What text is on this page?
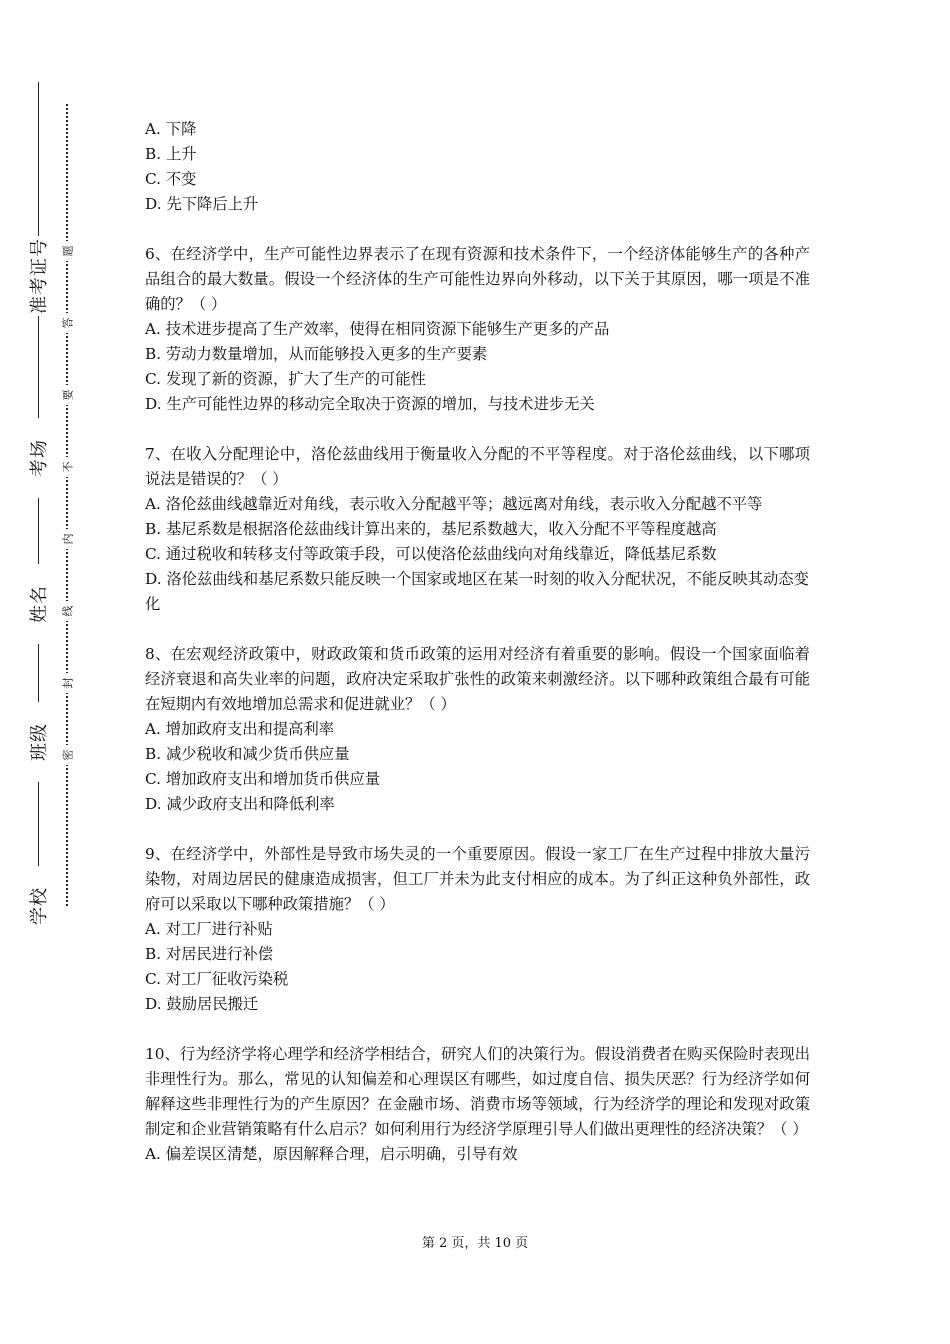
准考证号
考场
姓名
班级
学校
题
答
要
不
内
线
封
密

A. 下降

B. 上升

C. 不变

D. 先下降后上升

6、在经济学中，生产可能性边界表示了在现有资源和技术条件下，一个经济体能够生产的各种产品组合的最大数量。假设一个经济体的生产可能性边界向外移动，以下关于其原因，哪一项是不准确的？（ ）

A. 技术进步提高了生产效率，使得在相同资源下能够生产更多的产品

B. 劳动力数量增加，从而能够投入更多的生产要素

C. 发现了新的资源，扩大了生产的可能性

D. 生产可能性边界的移动完全取决于资源的增加，与技术进步无关

7、在收入分配理论中，洛伦兹曲线用于衡量收入分配的不平等程度。对于洛伦兹曲线，以下哪项说法是错误的？（ ）

A. 洛伦兹曲线越靠近对角线，表示收入分配越平等；越远离对角线，表示收入分配越不平等

B. 基尼系数是根据洛伦兹曲线计算出来的，基尼系数越大，收入分配不平等程度越高

C. 通过税收和转移支付等政策手段，可以使洛伦兹曲线向对角线靠近，降低基尼系数

D. 洛伦兹曲线和基尼系数只能反映一个国家或地区在某一时刻的收入分配状况，不能反映其动态变化

8、在宏观经济政策中，财政政策和货币政策的运用对经济有着重要的影响。假设一个国家面临着经济衰退和高失业率的问题，政府决定采取扩张性的政策来刺激经济。以下哪种政策组合最有可能在短期内有效地增加总需求和促进就业？（ ）

A. 增加政府支出和提高利率

B. 减少税收和减少货币供应量

C. 增加政府支出和增加货币供应量

D. 减少政府支出和降低利率

9、在经济学中，外部性是导致市场失灵的一个重要原因。假设一家工厂在生产过程中排放大量污染物，对周边居民的健康造成损害，但工厂并未为此支付相应的成本。为了纠正这种负外部性，政府可以采取以下哪种政策措施？（ ）

A. 对工厂进行补贴

B. 对居民进行补偿

C. 对工厂征收污染税

D. 鼓励居民搬迁

10、行为经济学将心理学和经济学相结合，研究人们的决策行为。假设消费者在购买保险时表现出非理性行为。那么，常见的认知偏差和心理误区有哪些，如过度自信、损失厌恶？行为经济学如何解释这些非理性行为的产生原因？在金融市场、消费市场等领域，行为经济学的理论和发现对政策制定和企业营销策略有什么启示？如何利用行为经济学原理引导人们做出更理性的经济决策？（ ）

A. 偏差误区清楚，原因解释合理，启示明确，引导有效

第 2 页，共 10 页
